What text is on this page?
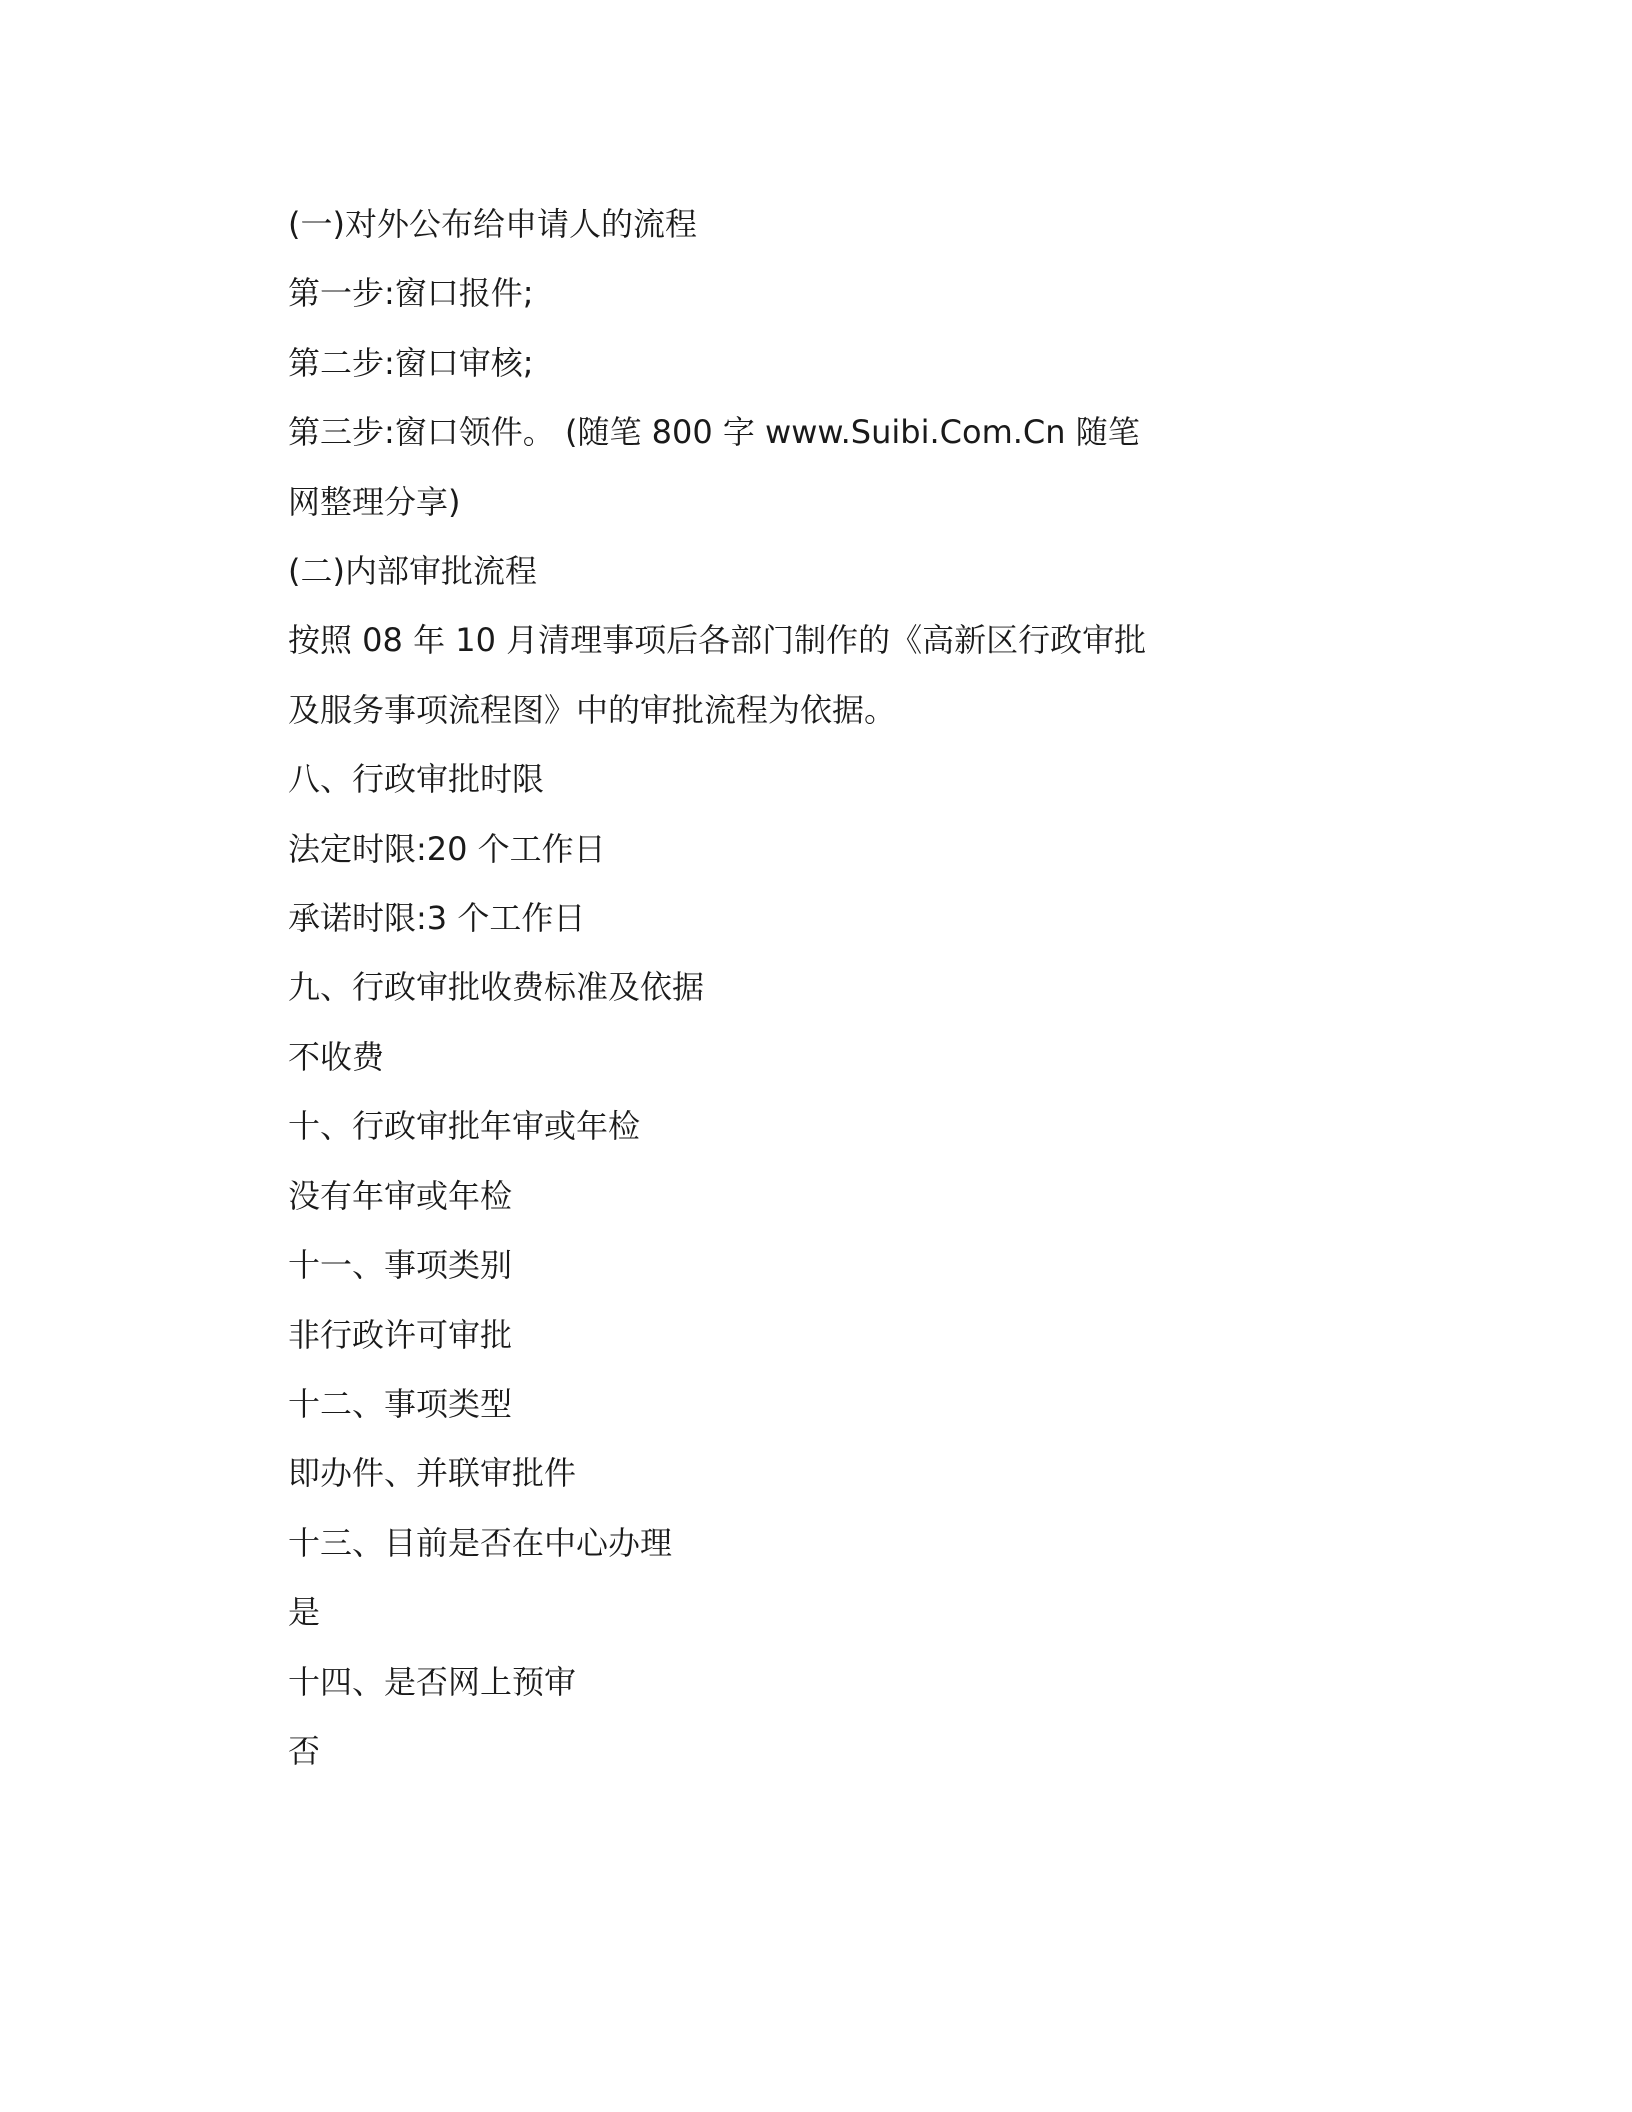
(一)对外公布给申请人的流程

第一步:窗口报件;

第二步:窗口审核;

第三步:窗口领件。 (随笔 800 字 www.Suibi.Com.Cn 随笔

网整理分享)

(二)内部审批流程

按照 08 年 10 月清理事项后各部门制作的《高新区行政审批

及服务事项流程图》中的审批流程为依据。

八、行政审批时限

法定时限:20 个工作日

承诺时限:3 个工作日

九、行政审批收费标准及依据

不收费

十、行政审批年审或年检

没有年审或年检

十一、事项类别

非行政许可审批

十二、事项类型

即办件、并联审批件

十三、目前是否在中心办理

是

十四、是否网上预审

否
